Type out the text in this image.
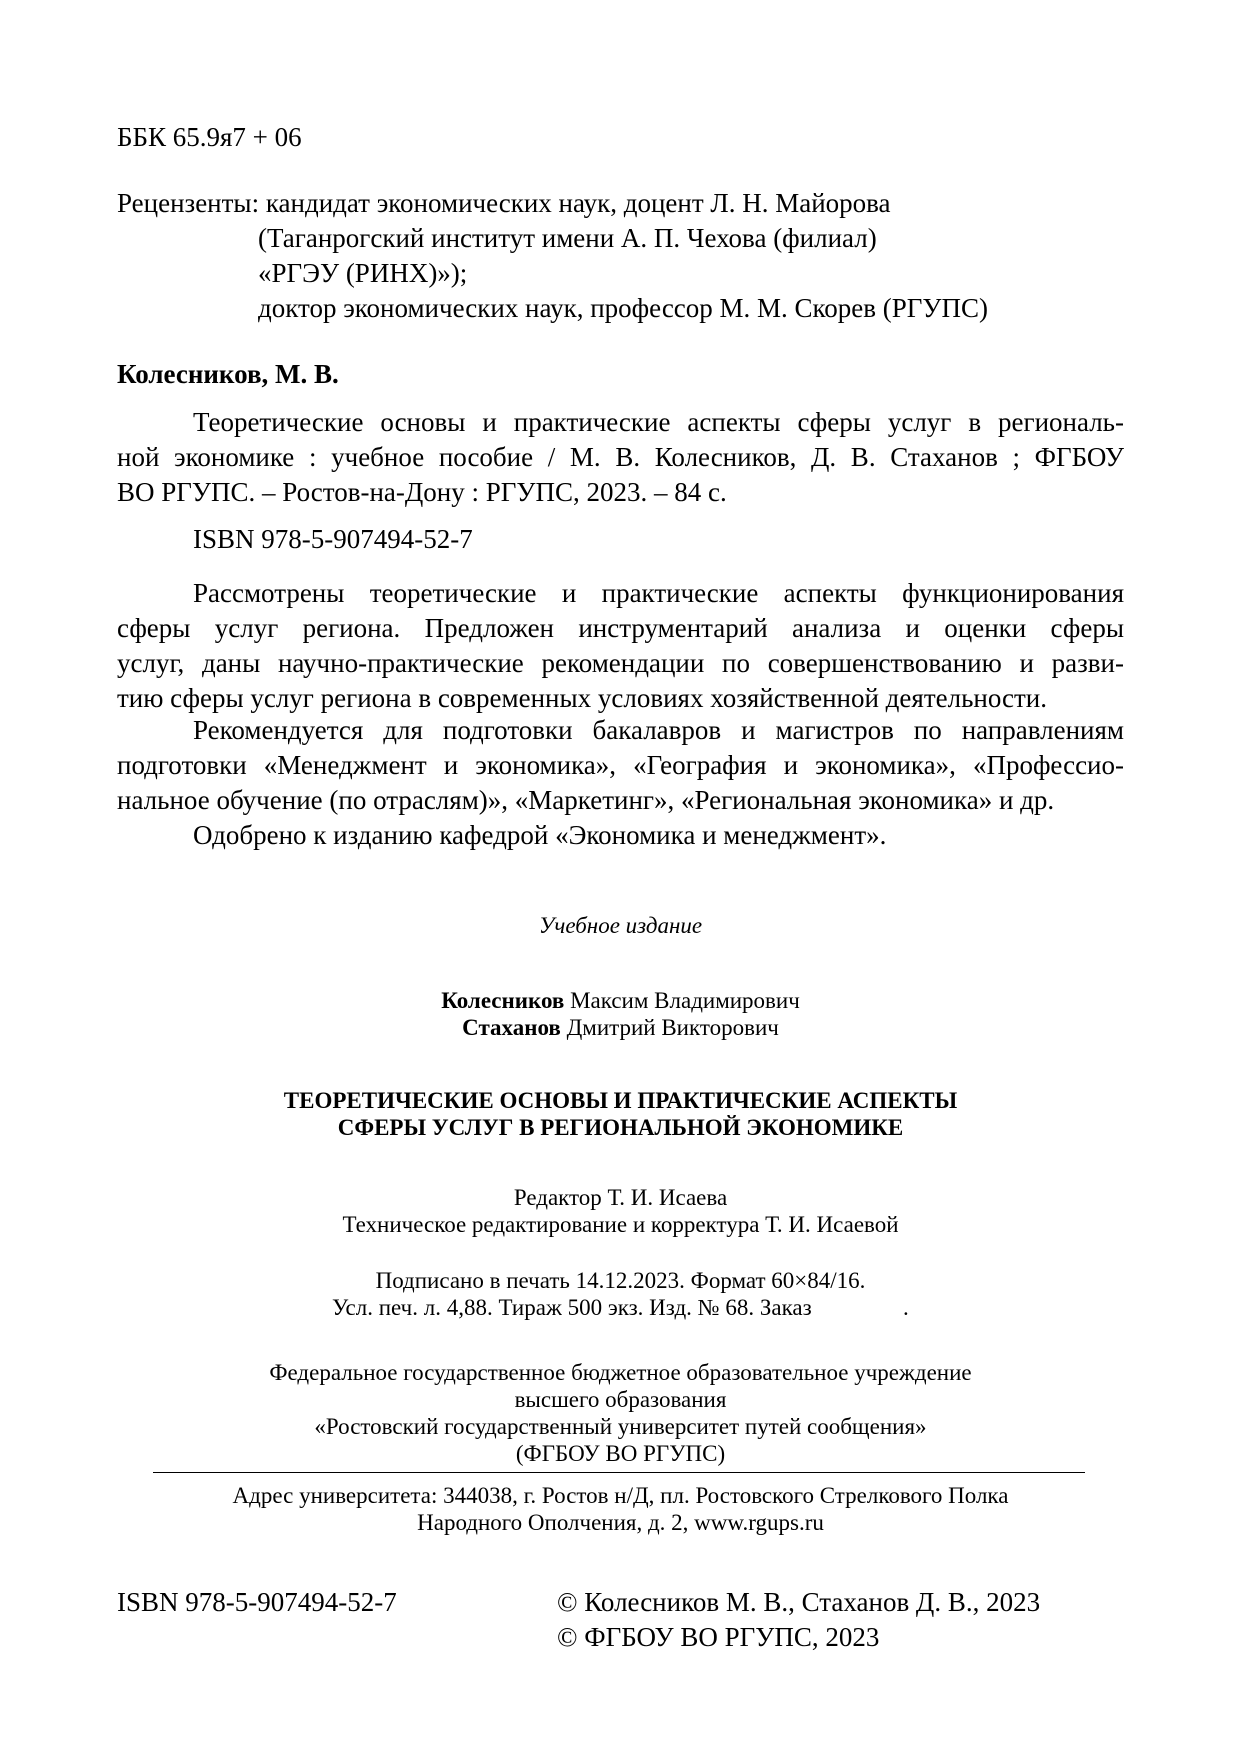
ББК 65.9я7 + 06
Рецензенты: кандидат экономических наук, доцент Л. Н. Майорова
(Таганрогский институт имени А. П. Чехова (филиал)
«РГЭУ (РИНХ)»);
доктор экономических наук, профессор М. М. Скорев (РГУПС)
Колесников, М. В.
Теоретические основы и практические аспекты сферы услуг в региональ-
ной экономике : учебное пособие / М. В. Колесников, Д. В. Стаханов ; ФГБОУ
ВО РГУПС. – Ростов-на-Дону : РГУПС, 2023. – 84 с.
ISBN 978-5-907494-52-7
Рассмотрены теоретические и практические аспекты функционирования
сферы услуг региона. Предложен инструментарий анализа и оценки сферы
услуг, даны научно-практические рекомендации по совершенствованию и разви-
тию сферы услуг региона в современных условиях хозяйственной деятельности.
Рекомендуется для подготовки бакалавров и магистров по направлениям
подготовки «Менеджмент и экономика», «География и экономика», «Профессио-
нальное обучение (по отраслям)», «Маркетинг», «Региональная экономика» и др.
Одобрено к изданию кафедрой «Экономика и менеджмент».
Учебное издание
Колесников Максим Владимирович
Стаханов Дмитрий Викторович
ТЕОРЕТИЧЕСКИЕ ОСНОВЫ И ПРАКТИЧЕСКИЕ АСПЕКТЫ
СФЕРЫ УСЛУГ В РЕГИОНАЛЬНОЙ ЭКОНОМИКЕ
Редактор Т. И. Исаева
Техническое редактирование и корректура Т. И. Исаевой
Подписано в печать 14.12.2023. Формат 60×84/16.
Усл. печ. л. 4,88. Тираж 500 экз. Изд. № 68. Заказ	.
Федеральное государственное бюджетное образовательное учреждение
высшего образования
«Ростовский государственный университет путей сообщения»
(ФГБОУ ВО РГУПС)
Адрес университета: 344038, г. Ростов н/Д, пл. Ростовского Стрелкового Полка
Народного Ополчения, д. 2, www.rgups.ru
ISBN 978-5-907494-52-7	© Колесников М. В., Стаханов Д. В., 2023
© ФГБОУ ВО РГУПС, 2023
